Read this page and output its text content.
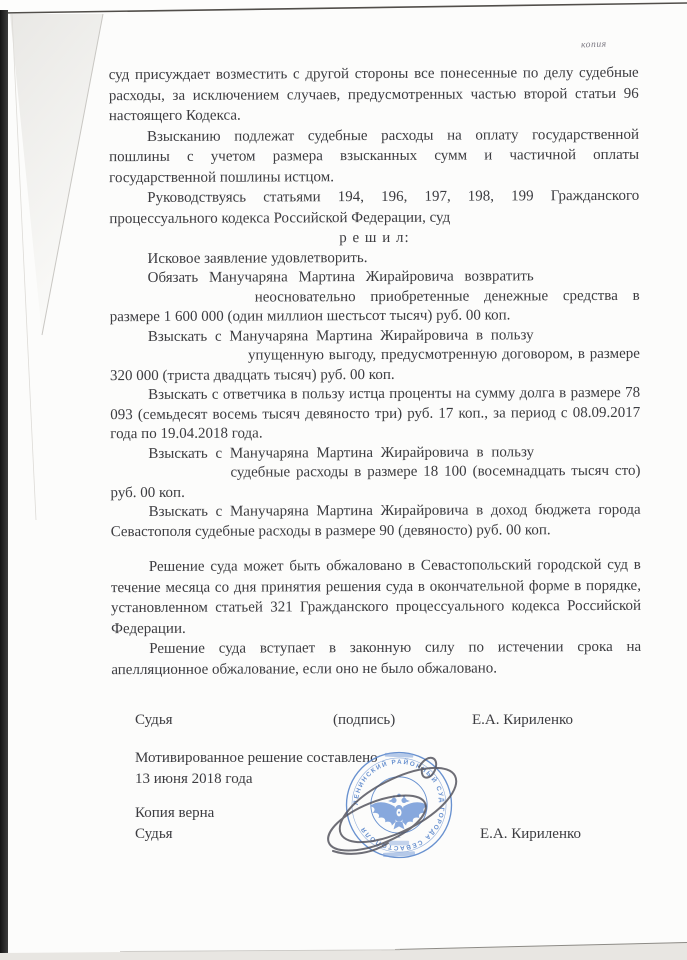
копия

суд присуждает возместить с другой стороны все понесенные по делу судебные расходы, за исключением случаев, предусмотренных частью второй статьи 96 настоящего Кодекса.

Взысканию подлежат судебные расходы на оплату государственной пошлины с учетом размера взысканных сумм и частичной оплаты государственной пошлины истцом.

Руководствуясь статьями 194, 196, 197, 198, 199 Гражданского процессуального кодекса Российской Федерации, суд

р е ш и л:

Исковое заявление удовлетворить.

Обязать Манучаряна Мартина Жирайровича возвратить

неосновательно приобретенные денежные средства в размере 1 600 000 (один миллион шестьсот тысяч) руб. 00 коп.

Взыскать с Манучаряна Мартина Жирайровича в пользу

упущенную выгоду, предусмотренную договором, в размере 320 000 (триста двадцать тысяч) руб. 00 коп.

Взыскать с ответчика в пользу истца проценты на сумму долга в размере 78 093 (семьдесят восемь тысяч девяносто три) руб. 17 коп., за период с 08.09.2017 года по 19.04.2018 года.

Взыскать с Манучаряна Мартина Жирайровича в пользу

судебные расходы в размере 18 100 (восемнадцать тысяч сто) руб. 00 коп.

Взыскать с Манучаряна Мартина Жирайровича в доход бюджета города Севастополя судебные расходы в размере 90 (девяносто) руб. 00 коп.

Решение суда может быть обжаловано в Севастопольский городской суд в течение месяца со дня принятия решения суда в окончательной форме в порядке, установленном статьей 321 Гражданского процессуального кодекса Российской Федерации.

Решение суда вступает в законную силу по истечении срока на апелляционное обжалование, если оно не было обжаловано.

Судья	(подпись)	Е.А. Кириленко
Мотивированное решение составлено
13 июня 2018 года
Копия верна
Судья	Е.А. Кириленко
ЛЕНИНСКИЙ РАЙОННЫЙ СУД ГОРОДА СЕВАСТОПОЛЯ
2
